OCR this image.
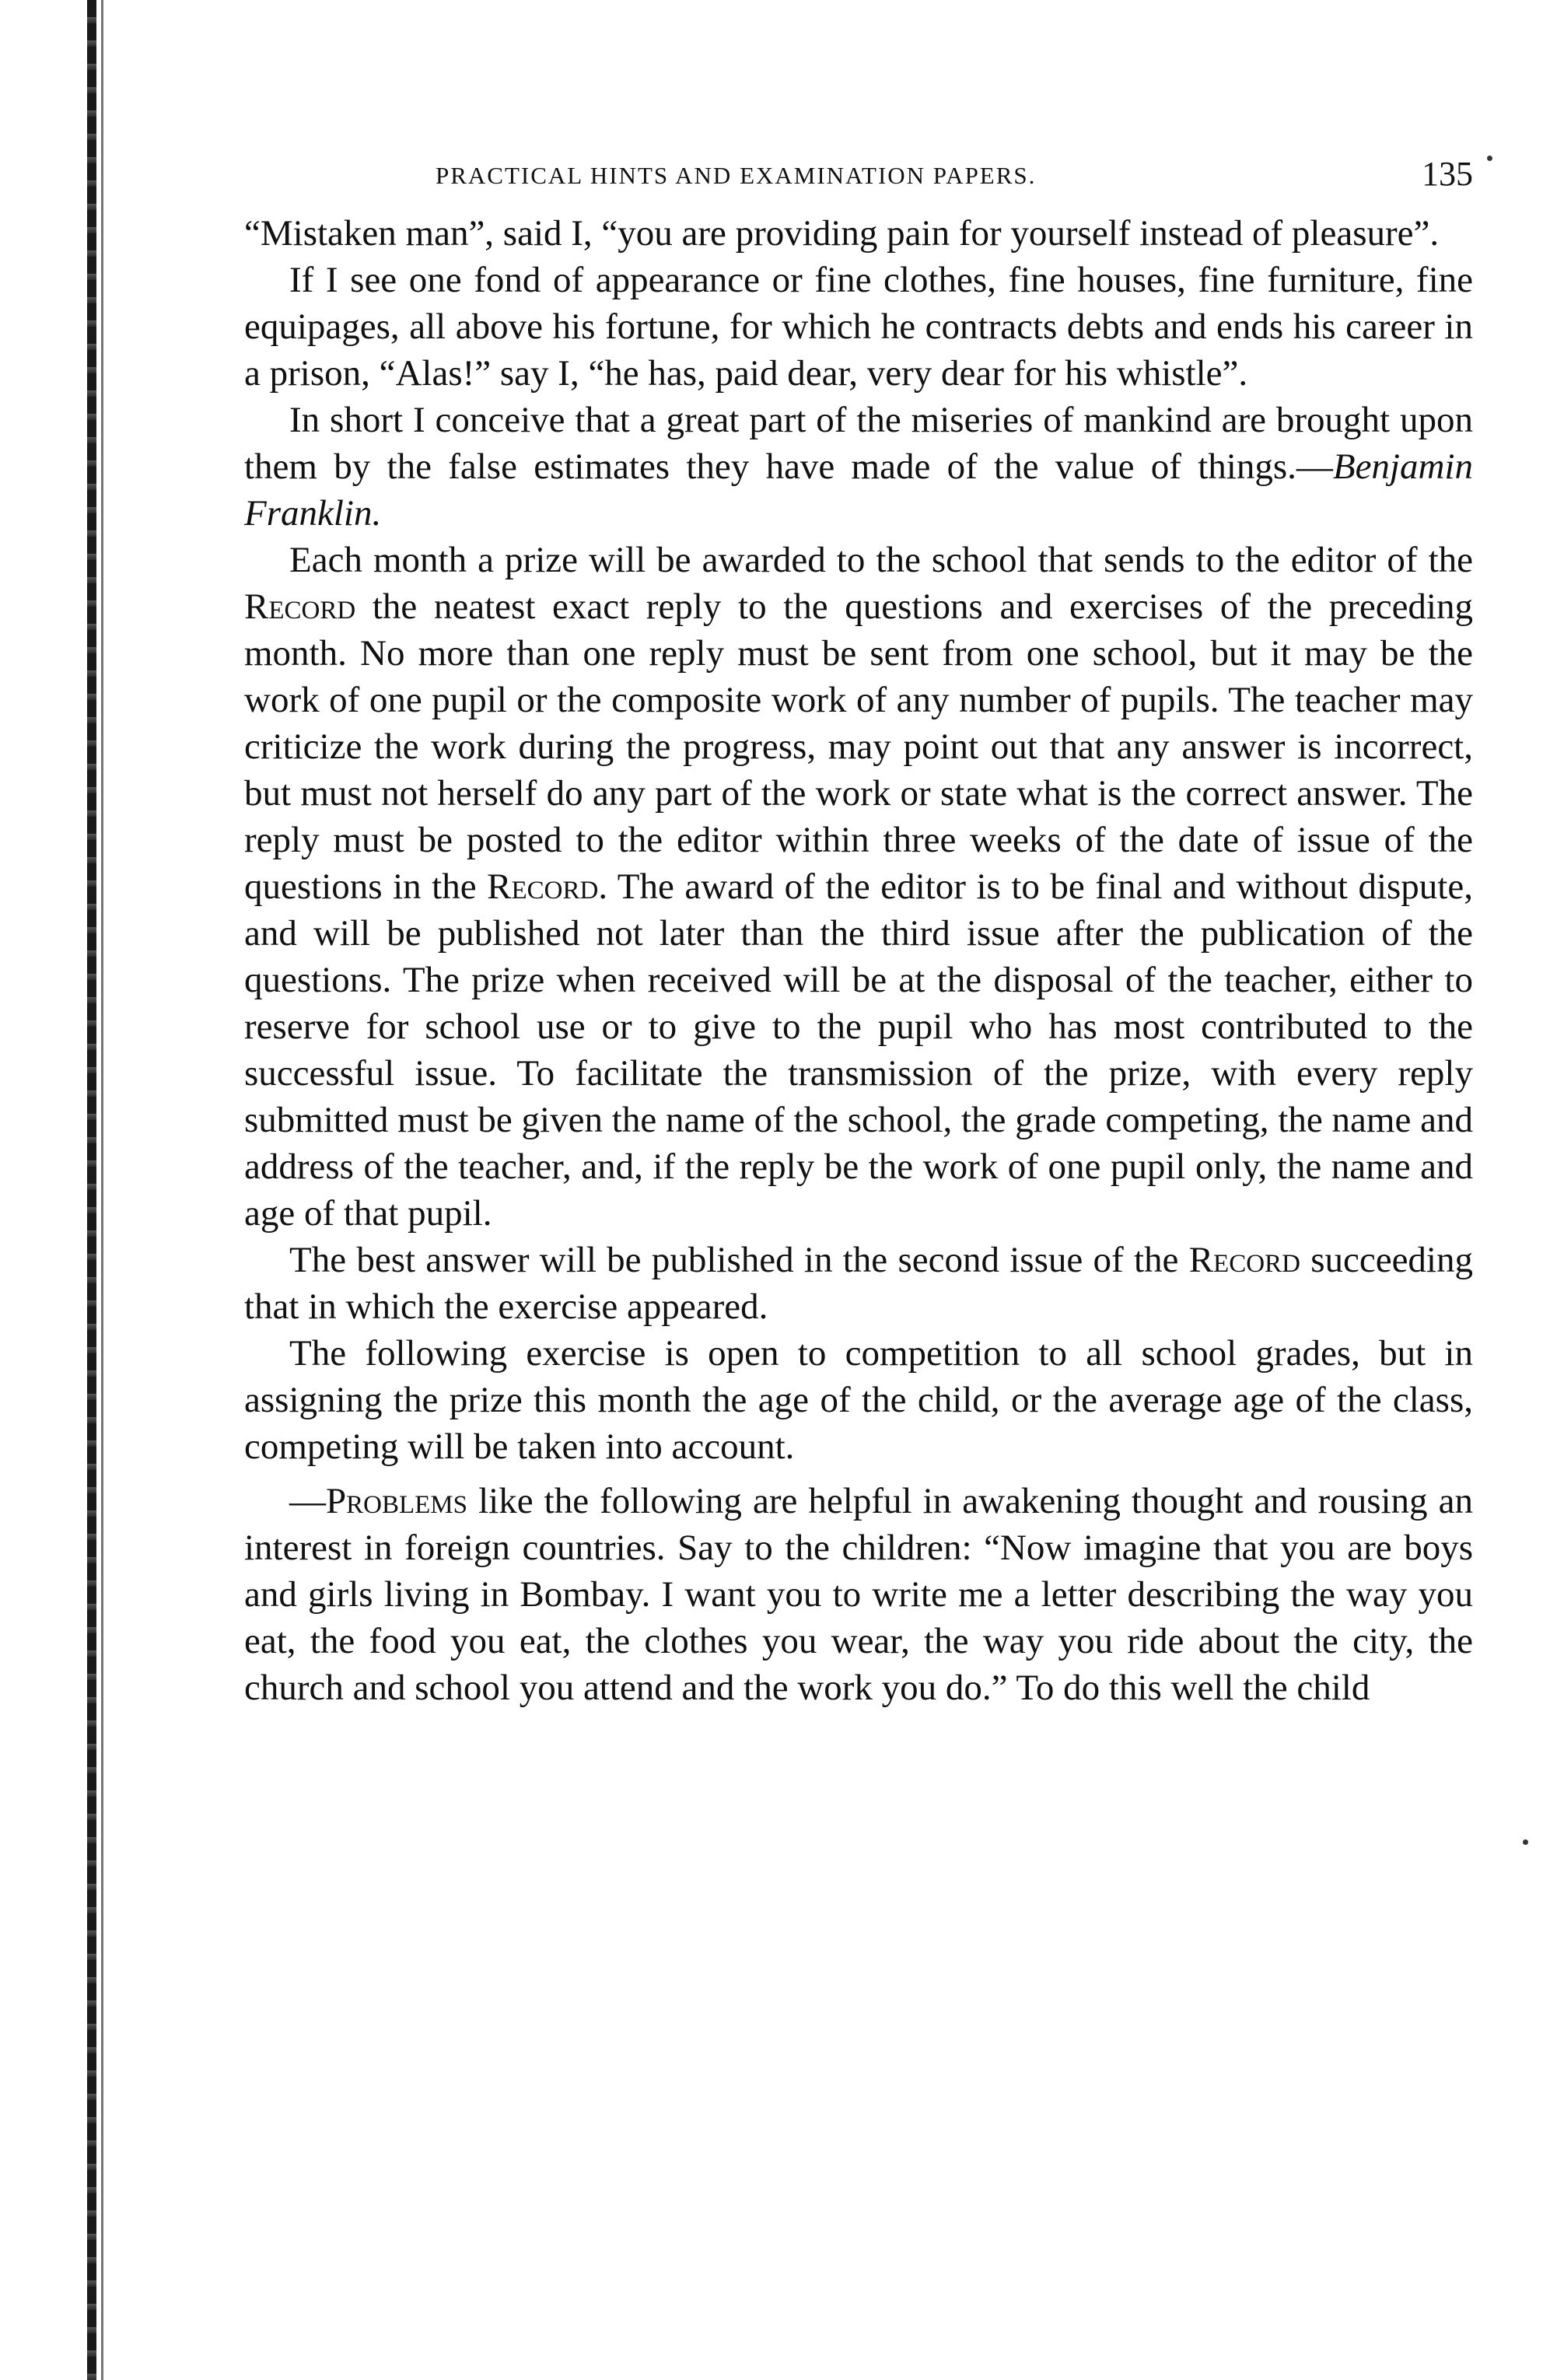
PRACTICAL HINTS AND EXAMINATION PAPERS.	135

“Mistaken man”, said I, “you are providing pain for yourself instead of pleasure”.

If I see one fond of appearance or fine clothes, fine houses, fine furniture, fine equipages, all above his fortune, for which he contracts debts and ends his career in a prison, “Alas!” say I, “he has, paid dear, very dear for his whistle”.

In short I conceive that a great part of the miseries of mankind are brought upon them by the false estimates they have made of the value of things.—Benjamin Franklin.

Each month a prize will be awarded to the school that sends to the editor of the Record the neatest exact reply to the questions and exercises of the preceding month. No more than one reply must be sent from one school, but it may be the work of one pupil or the composite work of any number of pupils. The teacher may criticize the work during the progress, may point out that any answer is incorrect, but must not herself do any part of the work or state what is the correct answer. The reply must be posted to the editor within three weeks of the date of issue of the questions in the Record. The award of the editor is to be final and without dispute, and will be published not later than the third issue after the publication of the questions. The prize when received will be at the disposal of the teacher, either to reserve for school use or to give to the pupil who has most contributed to the successful issue. To facilitate the transmission of the prize, with every reply submitted must be given the name of the school, the grade competing, the name and address of the teacher, and, if the reply be the work of one pupil only, the name and age of that pupil.

The best answer will be published in the second issue of the Record succeeding that in which the exercise appeared.

The following exercise is open to competition to all school grades, but in assigning the prize this month the age of the child, or the average age of the class, competing will be taken into account.

—Problems like the following are helpful in awakening thought and rousing an interest in foreign countries. Say to the children: “Now imagine that you are boys and girls living in Bombay. I want you to write me a letter describing the way you eat, the food you eat, the clothes you wear, the way you ride about the city, the church and school you attend and the work you do.” To do this well the child
